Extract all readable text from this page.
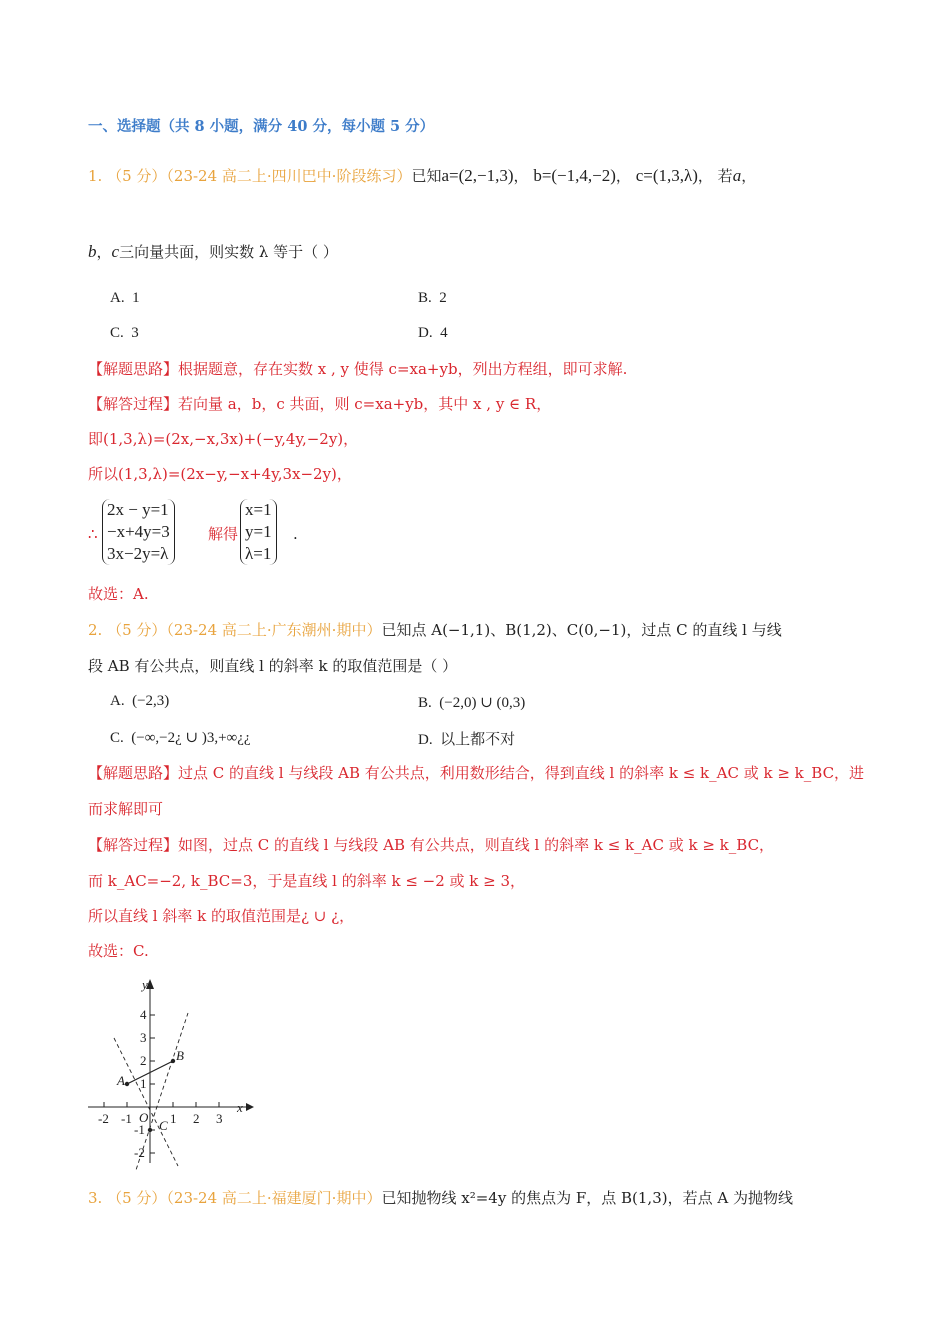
一、选择题（共 8 小题，满分 40 分，每小题 5 分）
1. （5 分）（23-24 高二上·四川巴中·阶段练习）已知a=(2,−1,3)， b=(−1,4,−2)， c=(1,3,λ)， 若a，
b，c三向量共面，则实数 λ 等于（ ）
A. 1	B. 2
C. 3	D. 4
【解题思路】根据题意，存在实数 x , y 使得 c=xa+yb，列出方程组，即可求解.
【解答过程】若向量 a，b，c 共面，则 c=xa+yb，其中 x , y ∈ R，
即(1,3,λ)=(2x,−x,3x)+(−y,4y,−2y)，
所以(1,3,λ)=(2x−y,−x+4y,3x−2y)，
∴
2x − y=1
−x+4y=3
3x−2y=λ
解得
x=1
y=1
λ=1
.
故选：A.
2. （5 分）（23-24 高二上·广东潮州·期中）已知点 A(−1,1)、B(1,2)、C(0,−1)，过点 C 的直线 l 与线
段 AB 有公共点，则直线 l 的斜率 k 的取值范围是（ ）
A. (−2,3)	B. (−2,0) ∪ (0,3)
C. (−∞,−2¿ ∪ )3,+∞¿¿	D. 以上都不对
【解题思路】过点 C 的直线 l 与线段 AB 有公共点，利用数形结合，得到直线 l 的斜率 k ≤ k_AC 或 k ≥ k_BC，进
而求解即可
【解答过程】如图，过点 C 的直线 l 与线段 AB 有公共点，则直线 l 的斜率 k ≤ k_AC 或 k ≥ k_BC，
而 k_AC=−2, k_BC=3，于是直线 l 的斜率 k ≤ −2 或 k ≥ 3，
所以直线 l 斜率 k 的取值范围是¿ ∪ ¿，
故选：C.
y
x
O
4
3
2
1
-1
-2
-2 -1	1 2 3
A
B
C
3. （5 分）（23-24 高二上·福建厦门·期中）已知抛物线 x²=4y 的焦点为 F，点 B(1,3)，若点 A 为抛物线
